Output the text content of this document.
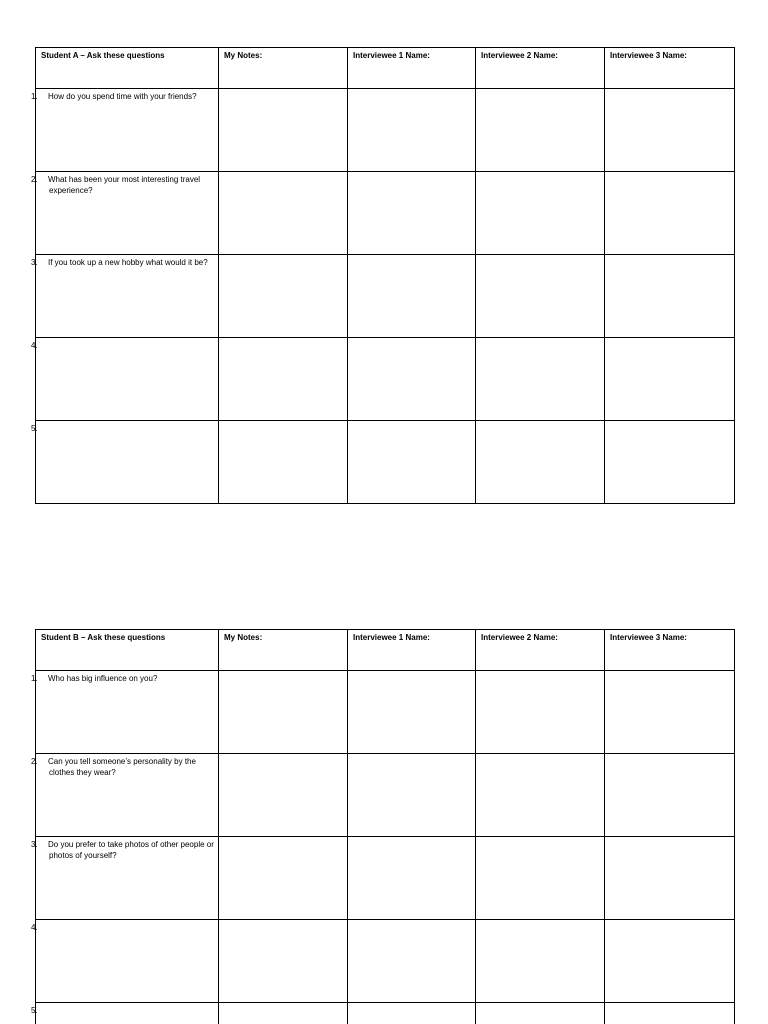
Student A – Ask these questions	My Notes:	Interviewee 1 Name:	Interviewee 2 Name:	Interviewee 3 Name:

1. How do you spend time with your friends?				

2. What has been your most interesting travel experience?				

3. If you took up a new hobby what would it be?				

4.				

5.				

Student B – Ask these questions	My Notes:	Interviewee 1 Name:	Interviewee 2 Name:	Interviewee 3 Name:

1. Who has big influence on you?				

2. Can you tell someone’s personality by the clothes they wear?				

3. Do you prefer to take photos of other people or photos of yourself?				

4.				

5.				
